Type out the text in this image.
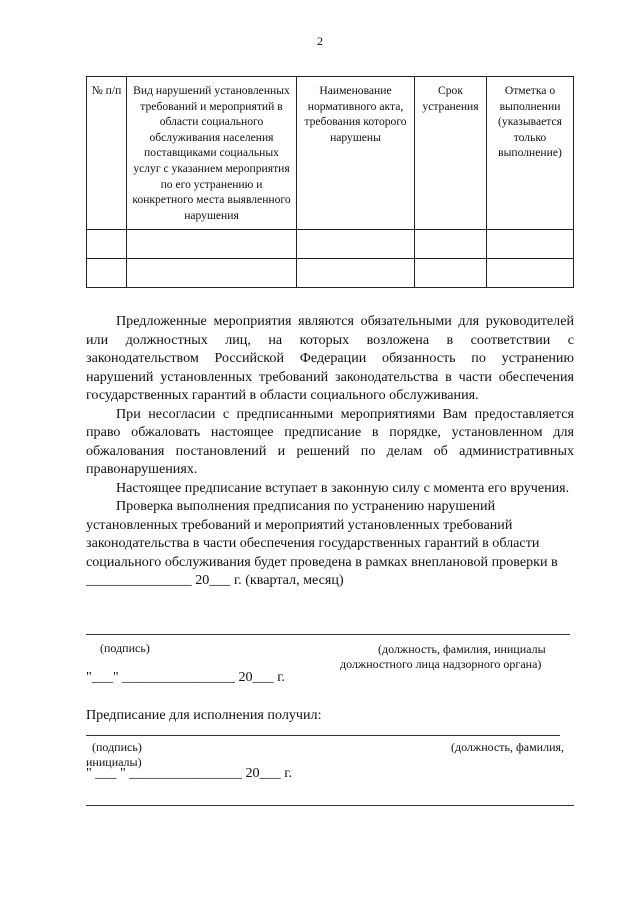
2
№ п/п	Вид нарушений установленных требований и мероприятий в области социального обслуживания населения поставщиками социальных услуг с указанием мероприятия по его устранению и конкретного места выявленного нарушения	Наименование нормативного акта, требования которого нарушены	Срок устранения	Отметка о выполнении (указывается только выполнение)

Предложенные мероприятия являются обязательными для руководителей или должностных лиц, на которых возложена в соответствии с законодательством Российской Федерации обязанность по устранению нарушений установленных требований законодательства в части обеспечения государственных гарантий в области социального обслуживания.

При несогласии с предписанными мероприятиями Вам предоставляется право обжаловать настоящее предписание в порядке, установленном для обжалования постановлений и решений по делам об административных правонарушениях.

Настоящее предписание вступает в законную силу с момента его вручения.

Проверка выполнения предписания по устранению нарушений установленных требований и мероприятий установленных требований законодательства в части обеспечения государственных гарантий в области социального обслуживания будет проведена в рамках внеплановой проверки в _______________ 20___ г. (квартал, месяц)

(подпись)	(должность, фамилия, инициалы
должностного лица надзорного органа)
"___" ________________ 20___ г.
Предписание для исполнения получил:
(подпись)	(должность, фамилия,
инициалы)
" ___ " ________________ 20___ г.
